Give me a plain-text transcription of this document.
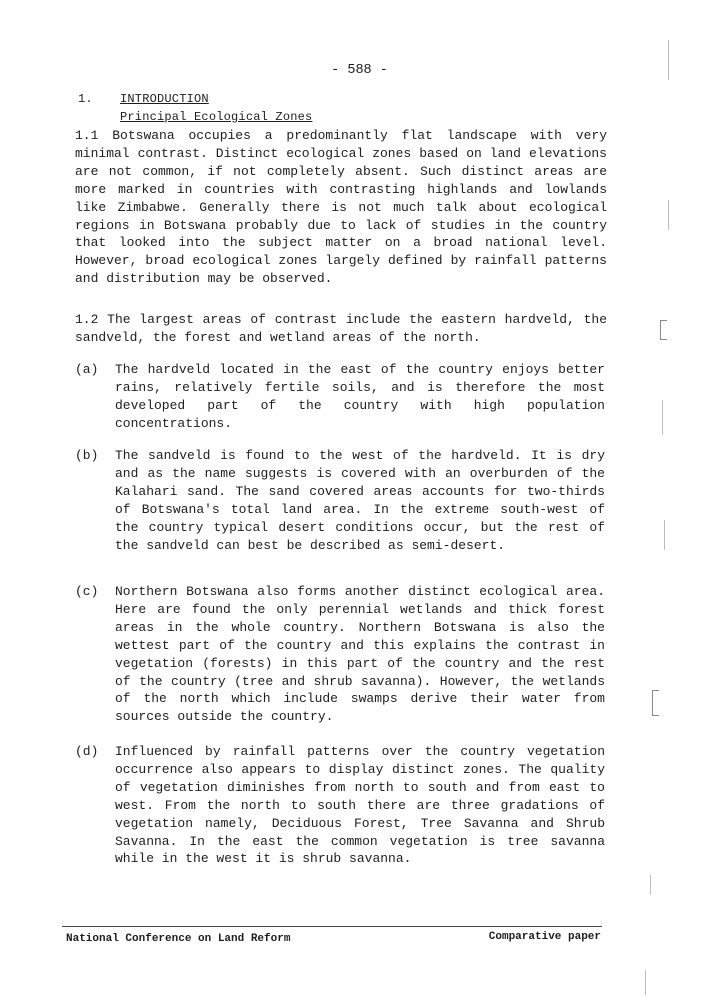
- 588 -
1. INTRODUCTION
Principal Ecological Zones

1.1 Botswana occupies a predominantly flat landscape with very minimal contrast. Distinct ecological zones based on land elevations are not common, if not completely absent. Such distinct areas are more marked in countries with contrasting highlands and lowlands like Zimbabwe. Generally there is not much talk about ecological regions in Botswana probably due to lack of studies in the country that looked into the subject matter on a broad national level. However, broad ecological zones largely defined by rainfall patterns and distribution may be observed.

1.2 The largest areas of contrast include the eastern hardveld, the sandveld, the forest and wetland areas of the north.

(a) The hardveld located in the east of the country enjoys better rains, relatively fertile soils, and is therefore the most developed part of the country with high population concentrations.

(b) The sandveld is found to the west of the hardveld. It is dry and as the name suggests is covered with an overburden of the Kalahari sand. The sand covered areas accounts for two-thirds of Botswana's total land area. In the extreme south-west of the country typical desert conditions occur, but the rest of the sandveld can best be described as semi-desert.

(c) Northern Botswana also forms another distinct ecological area. Here are found the only perennial wetlands and thick forest areas in the whole country. Northern Botswana is also the wettest part of the country and this explains the contrast in vegetation (forests) in this part of the country and the rest of the country (tree and shrub savanna). However, the wetlands of the north which include swamps derive their water from sources outside the country.

(d) Influenced by rainfall patterns over the country vegetation occurrence also appears to display distinct zones. The quality of vegetation diminishes from north to south and from east to west. From the north to south there are three gradations of vegetation namely, Deciduous Forest, Tree Savanna and Shrub Savanna. In the east the common vegetation is tree savanna while in the west it is shrub savanna.

National Conference on Land Reform	Comparative paper
